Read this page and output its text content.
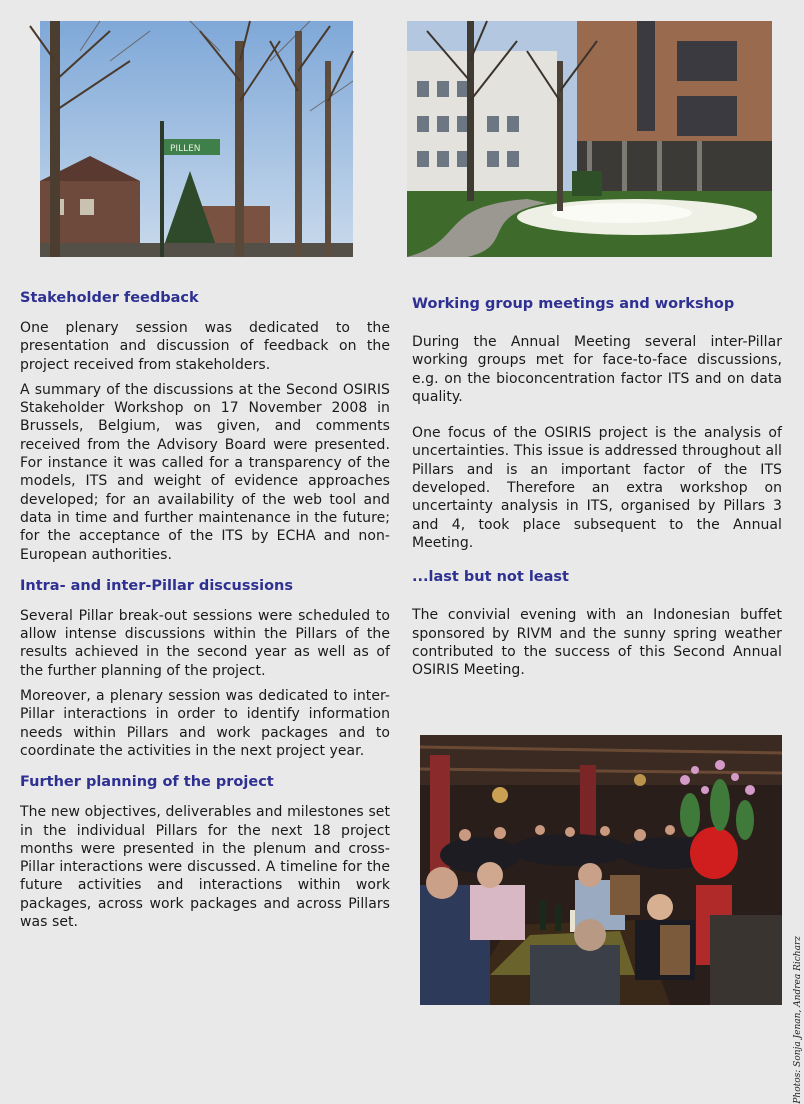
PILLEN
Stakeholder feedback

One plenary session was dedicated to the presentation and discussion of feedback on the project received from stakeholders.

A summary of the discussions at the Second OSIRIS Stakeholder Workshop on 17 November 2008 in Brussels, Belgium, was given, and comments received from the Advisory Board were presented. For instance it was called for a transparency of the models, ITS and weight of evidence approaches developed; for an availability of the web tool and data in time and further maintenance in the future; for the acceptance of the ITS by ECHA and non-European authorities.

Intra- and inter-Pillar discussions

Several Pillar break-out sessions were scheduled to allow intense discussions within the Pillars of the results achieved in the second year as well as of the further planning of the project.

Moreover, a plenary session was dedicated to inter-Pillar interactions in order to identify information needs within Pillars and work packages and to coordinate the activities in the next project year.

Further planning of the project

The new objectives, deliverables and milestones set in the individual Pillars for the next 18 project months were presented in the plenum and cross-Pillar interactions were discussed. A timeline for the future activities and interactions within work packages, across work packages and across Pillars was set.

Working group meetings and workshop

During the Annual Meeting several inter-Pillar working groups met for face-to-face discussions, e.g. on the bioconcentration factor ITS and on data quality.

One focus of the OSIRIS project is the analysis of uncertainties. This issue is addressed throughout all Pillars and is an important factor of the ITS developed. Therefore an extra workshop on uncertainty analysis in ITS, organised by Pillars 3 and 4, took place subsequent to the Annual Meeting.

...last but not least

The convivial evening with an Indonesian buffet sponsored by RIVM and the sunny spring weather contributed to the success of this Second Annual OSIRIS Meeting.

Photos: Sonja Jenan, Andrea Richarz
